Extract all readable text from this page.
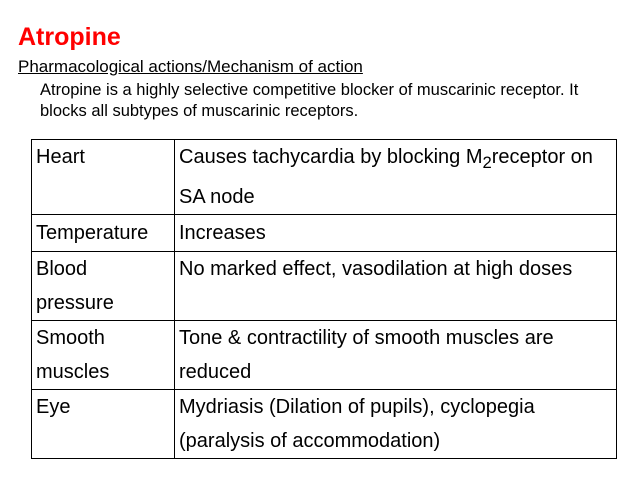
Atropine
Pharmacological actions/Mechanism of action
Atropine is a highly selective competitive blocker of muscarinic receptor. It blocks all subtypes of muscarinic receptors.
Heart	Causes tachycardia by blocking $M_2receptor$ on SA node
Temperature	Increases
Blood pressure	No marked effect, vasodilation at high doses
Smooth muscles	Tone & contractility of smooth muscles are reduced
Eye	Mydriasis (Dilation of pupils), cyclopegia (paralysis of accommodation)
